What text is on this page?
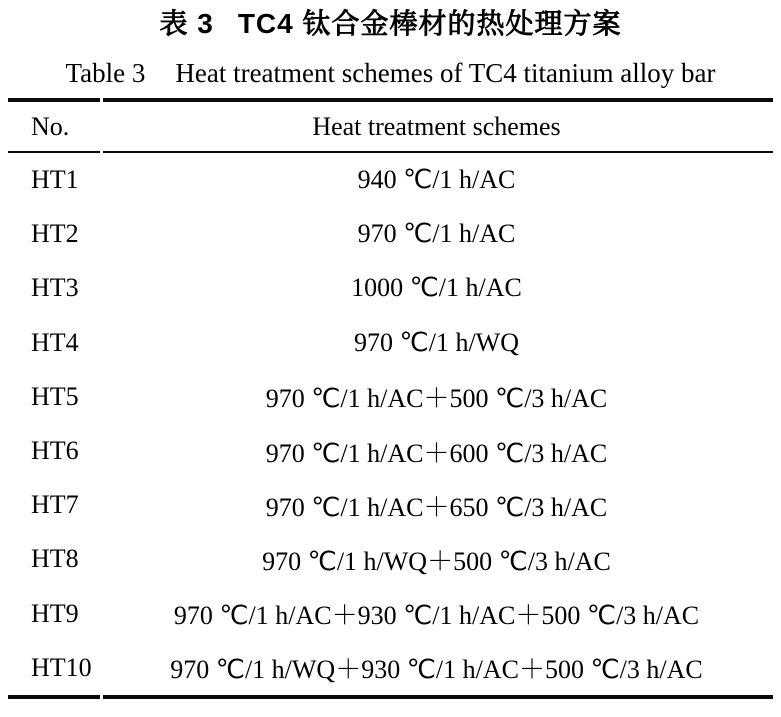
表 3 TC4 钛合金棒材的热处理方案
Table 3 Heat treatment schemes of TC4 titanium alloy bar
No.	Heat treatment schemes
HT1	940 ℃/1 h/AC
HT2	970 ℃/1 h/AC
HT3	1000 ℃/1 h/AC
HT4	970 ℃/1 h/WQ
HT5	970 ℃/1 h/AC＋500 ℃/3 h/AC
HT6	970 ℃/1 h/AC＋600 ℃/3 h/AC
HT7	970 ℃/1 h/AC＋650 ℃/3 h/AC
HT8	970 ℃/1 h/WQ＋500 ℃/3 h/AC
HT9	970 ℃/1 h/AC＋930 ℃/1 h/AC＋500 ℃/3 h/AC
HT10	970 ℃/1 h/WQ＋930 ℃/1 h/AC＋500 ℃/3 h/AC
